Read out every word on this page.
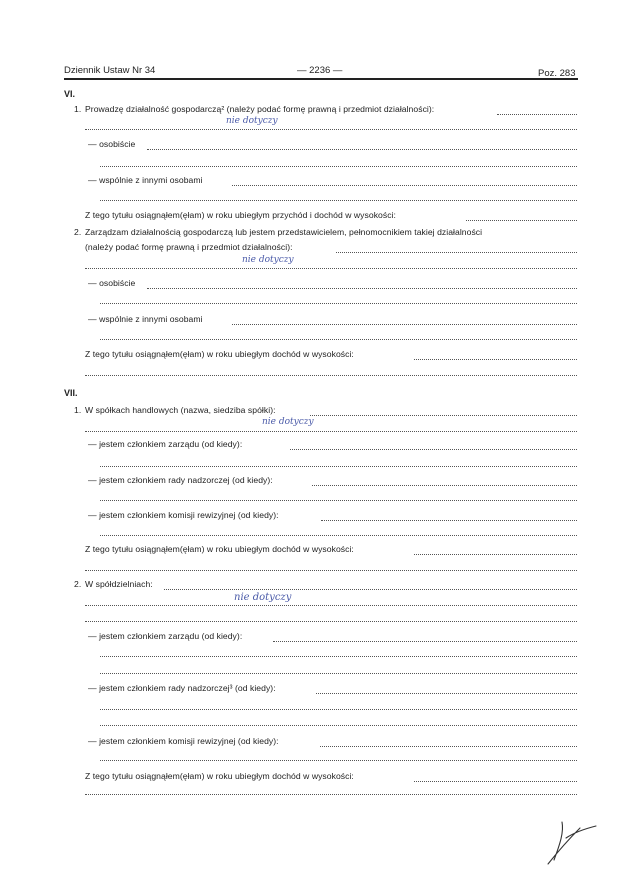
Dziennik Ustaw Nr 34	— 2236 —	Poz. 283
VI.
1. Prowadzę działalność gospodarczą² (należy podać formę prawną i przedmiot działalności):
nie dotyczy
— osobiście
— wspólnie z innymi osobami
Z tego tytułu osiągnąłem(ęłam) w roku ubiegłym przychód i dochód w wysokości:
2. Zarządzam działalnością gospodarczą lub jestem przedstawicielem, pełnomocnikiem takiej działalności
(należy podać formę prawną i przedmiot działalności):
nie dotyczy
— osobiście
— wspólnie z innymi osobami
Z tego tytułu osiągnąłem(ęłam) w roku ubiegłym dochód w wysokości:
VII.
1. W spółkach handlowych (nazwa, siedziba spółki):
nie dotyczy
— jestem członkiem zarządu (od kiedy):
— jestem członkiem rady nadzorczej (od kiedy):
— jestem członkiem komisji rewizyjnej (od kiedy):
Z tego tytułu osiągnąłem(ęłam) w roku ubiegłym dochód w wysokości:
2. W spółdzielniach:
nie dotyczy
— jestem członkiem zarządu (od kiedy):
— jestem członkiem rady nadzorczej³ (od kiedy):
— jestem członkiem komisji rewizyjnej (od kiedy):
Z tego tytułu osiągnąłem(ęłam) w roku ubiegłym dochód w wysokości:
